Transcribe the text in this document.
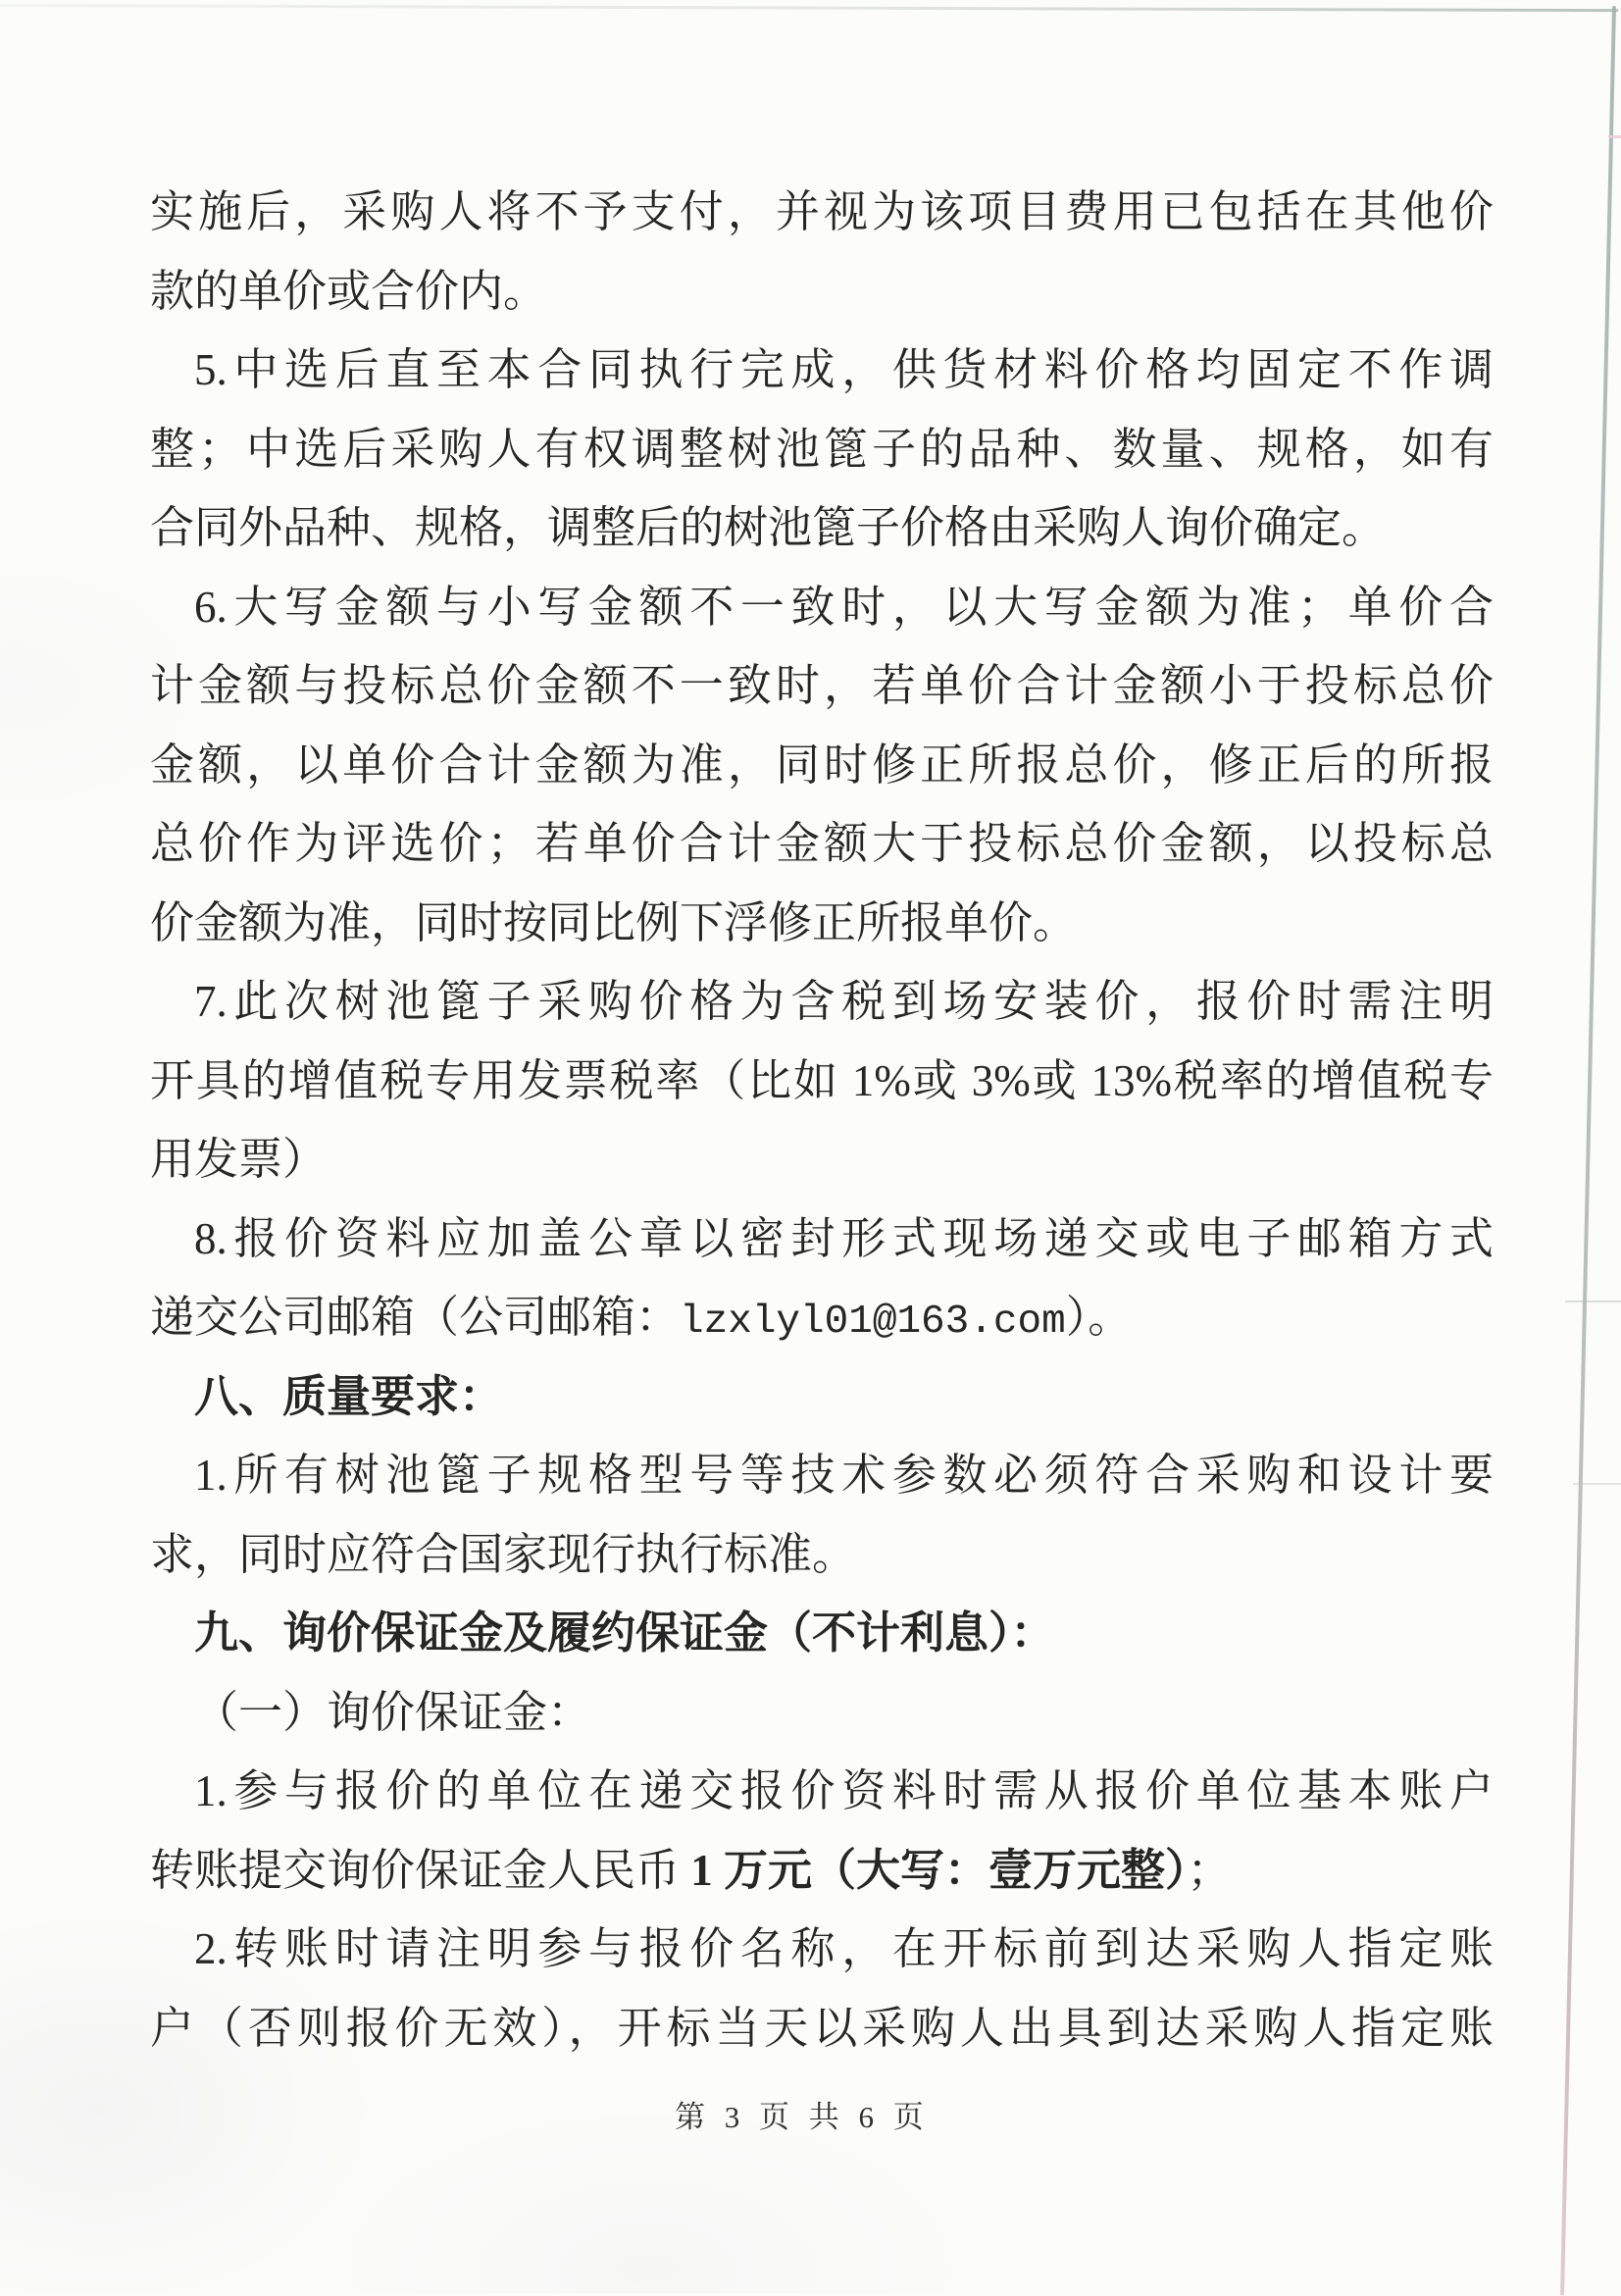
实施后，采购人将不予支付，并视为该项目费用已包括在其他价
款的单价或合价内。
5.中选后直至本合同执行完成，供货材料价格均固定不作调
整；中选后采购人有权调整树池篦子的品种、数量、规格，如有
合同外品种、规格，调整后的树池篦子价格由采购人询价确定。
6.大写金额与小写金额不一致时，以大写金额为准；单价合
计金额与投标总价金额不一致时，若单价合计金额小于投标总价
金额，以单价合计金额为准，同时修正所报总价，修正后的所报
总价作为评选价；若单价合计金额大于投标总价金额，以投标总
价金额为准，同时按同比例下浮修正所报单价。
7.此次树池篦子采购价格为含税到场安装价，报价时需注明
开具的增值税专用发票税率（比如 1%或 3%或 13%税率的增值税专
用发票）
8.报价资料应加盖公章以密封形式现场递交或电子邮箱方式
递交公司邮箱（公司邮箱：lzxlyl01@163.com）。
八、质量要求：
1.所有树池篦子规格型号等技术参数必须符合采购和设计要
求，同时应符合国家现行执行标准。
九、询价保证金及履约保证金（不计利息）：
（一）询价保证金：
1.参与报价的单位在递交报价资料时需从报价单位基本账户
转账提交询价保证金人民币 1 万元（大写：壹万元整）；
2.转账时请注明参与报价名称，在开标前到达采购人指定账
户（否则报价无效），开标当天以采购人出具到达采购人指定账
第 3 页 共 6 页
